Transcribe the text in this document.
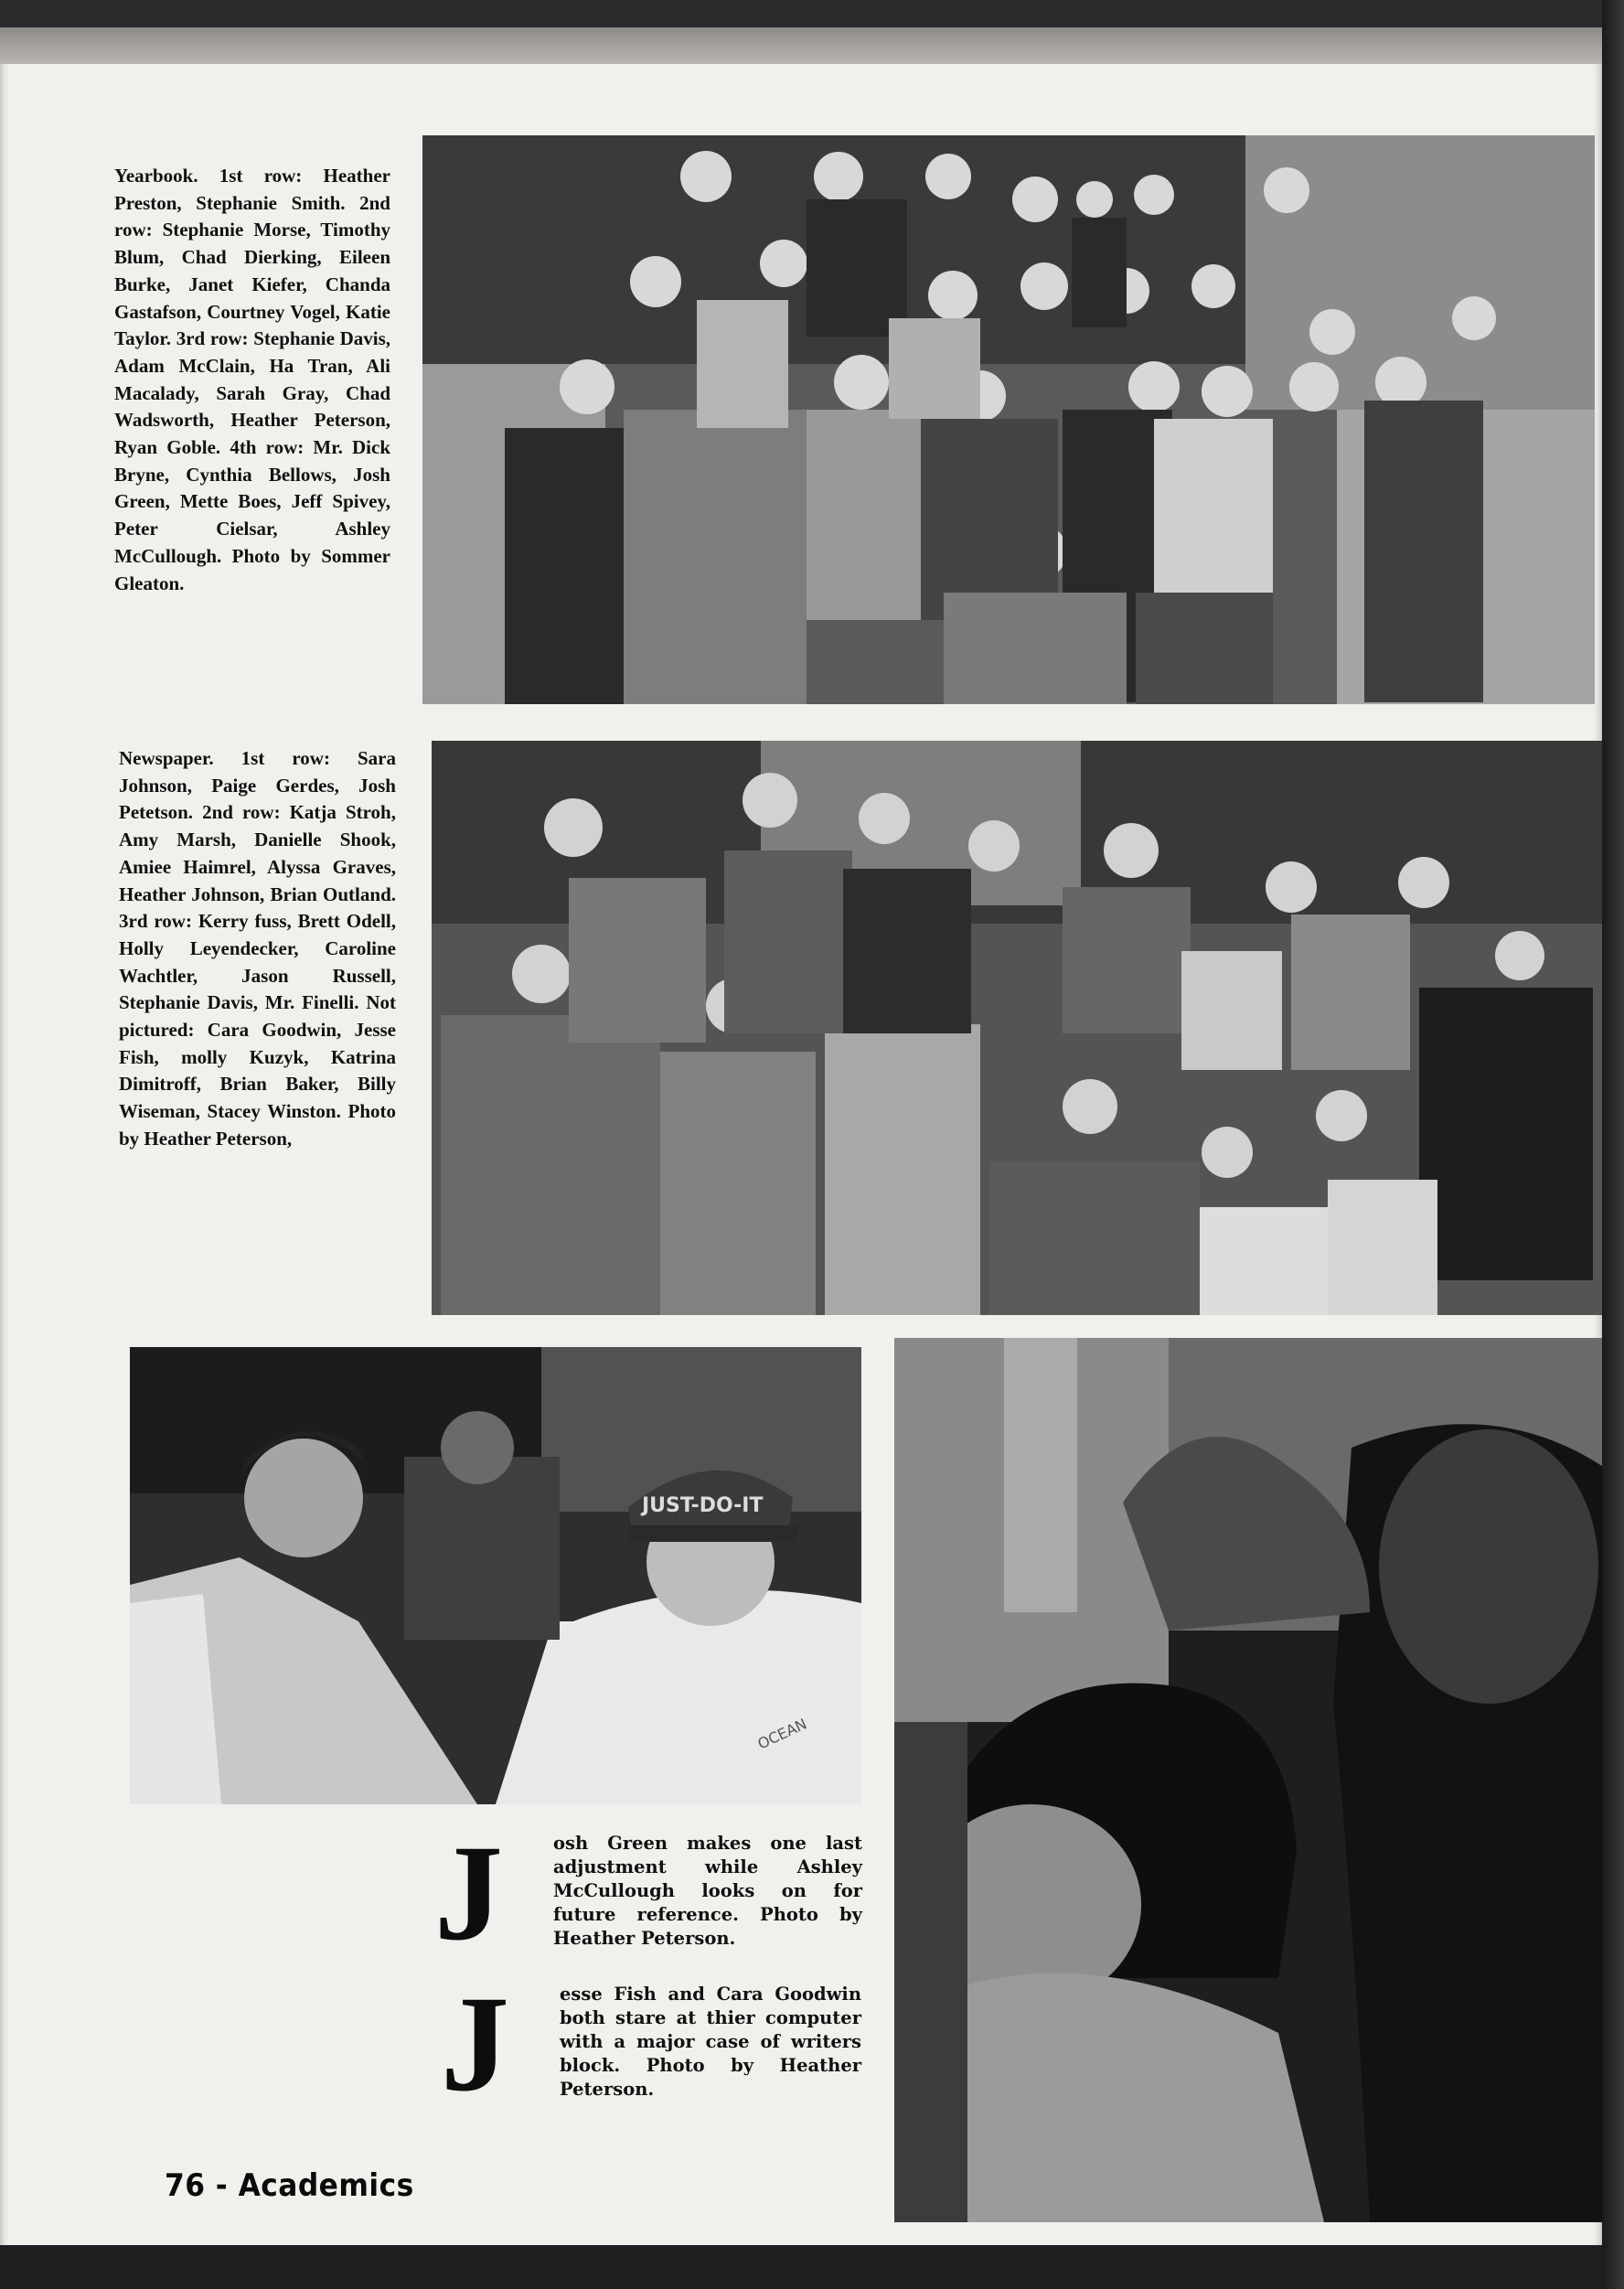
Yearbook. 1st row: Heather Preston, Stephanie Smith. 2nd row: Stephanie Morse, Timothy Blum, Chad Dierking, Eileen Burke, Janet Kiefer, Chanda Gastafson, Courtney Vogel, Katie Taylor. 3rd row: Stephanie Davis, Adam McClain, Ha Tran, Ali Macalady, Sarah Gray, Chad Wadsworth, Heather Peterson, Ryan Goble. 4th row: Mr. Dick Bryne, Cynthia Bellows, Josh Green, Mette Boes, Jeff Spivey, Peter Cielsar, Ashley McCullough. Photo by Sommer Gleaton.
Newspaper. 1st row: Sara Johnson, Paige Gerdes, Josh Petetson. 2nd row: Katja Stroh, Amy Marsh, Danielle Shook, Amiee Haimrel, Alyssa Graves, Heather Johnson, Brian Outland. 3rd row: Kerry fuss, Brett Odell, Holly Leyendecker, Caroline Wachtler, Jason Russell, Stephanie Davis, Mr. Finelli. Not pictured: Cara Goodwin, Jesse Fish, molly Kuzyk, Katrina Dimitroff, Brian Baker, Billy Wiseman, Stacey Winston. Photo by Heather Peterson,
JUST-DO-IT
OCEAN
J	osh Green makes one last adjustment while Ashley McCullough looks on for future reference. Photo by Heather Peterson.
J	esse Fish and Cara Goodwin both stare at thier computer with a major case of writers block. Photo by Heather Peterson.
76 - Academics
